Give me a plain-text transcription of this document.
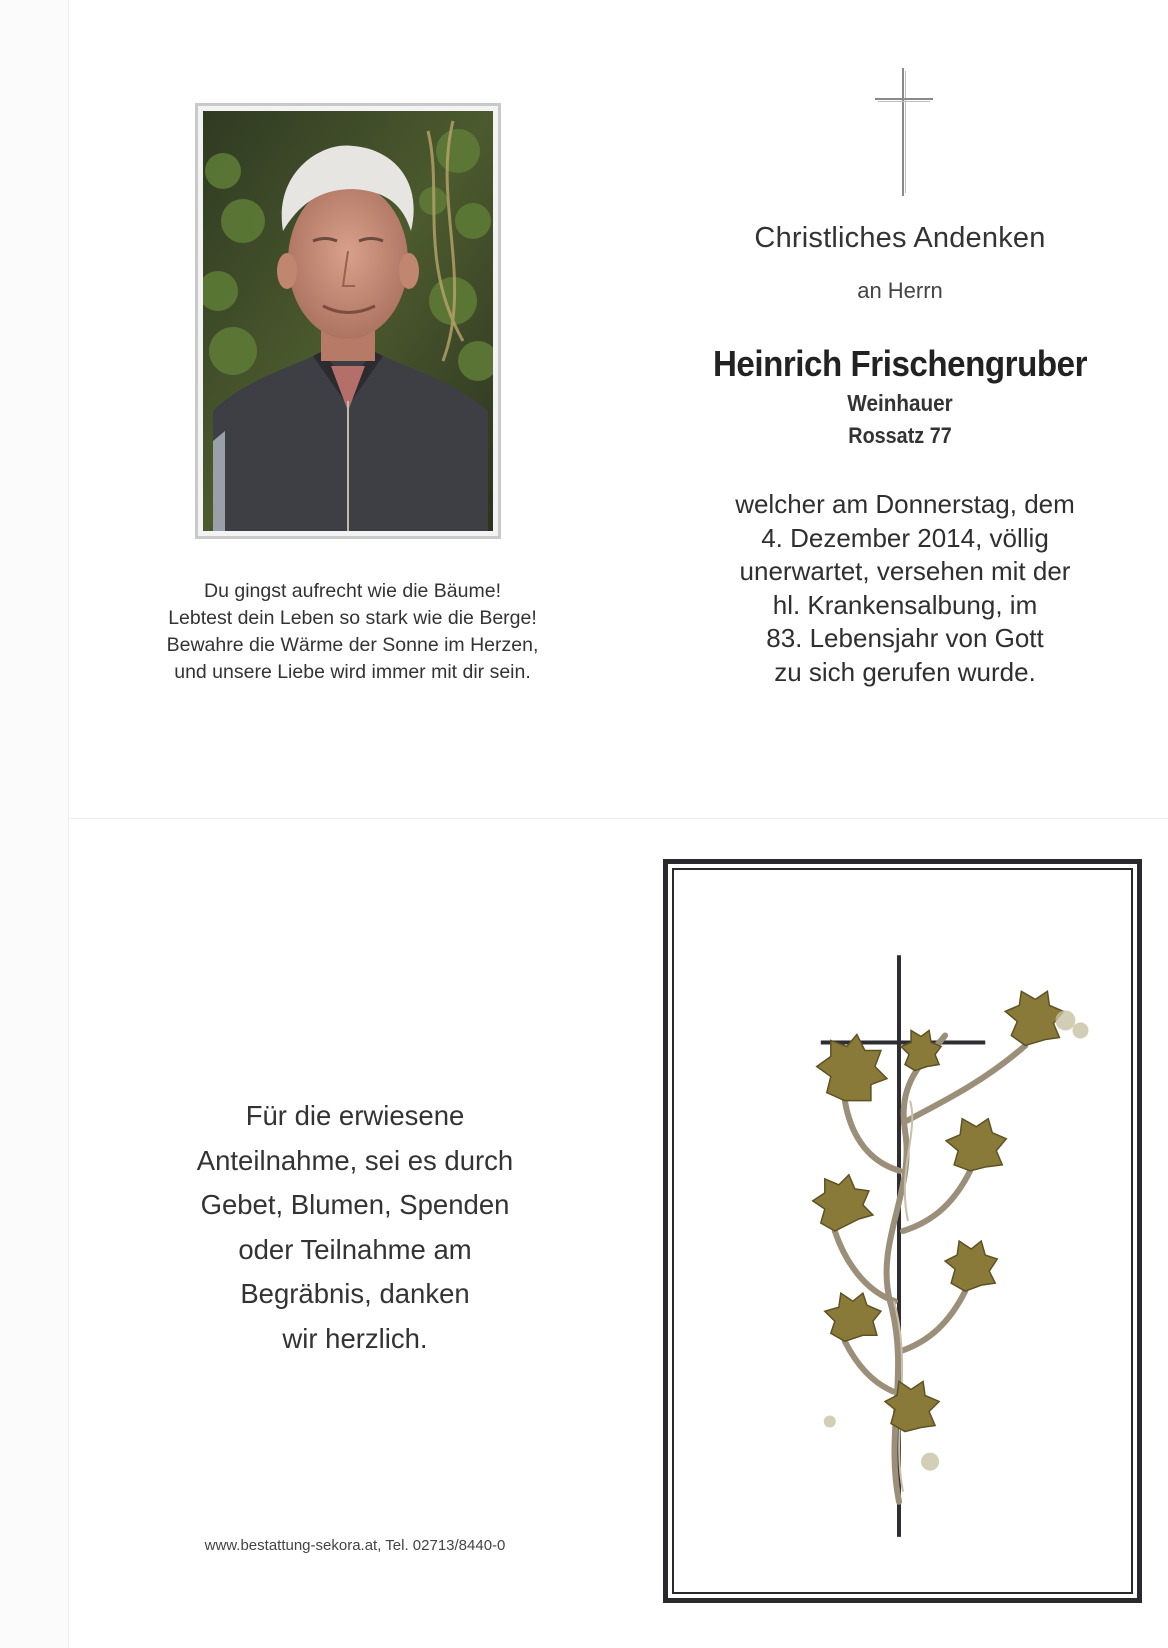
Du gingst aufrecht wie die Bäume!
Lebtest dein Leben so stark wie die Berge!
Bewahre die Wärme der Sonne im Herzen,
und unsere Liebe wird immer mit dir sein.
Christliches Andenken
an Herrn
Heinrich Frischengruber
Weinhauer
Rossatz 77
welcher am Donnerstag, dem
4. Dezember 2014, völlig
unerwartet, versehen mit der
hl. Krankensalbung, im
83. Lebensjahr von Gott
zu sich gerufen wurde.
Für die erwiesene
Anteilnahme, sei es durch
Gebet, Blumen, Spenden
oder Teilnahme am
Begräbnis, danken
wir herzlich.
www.bestattung-sekora.at, Tel. 02713/8440-0
